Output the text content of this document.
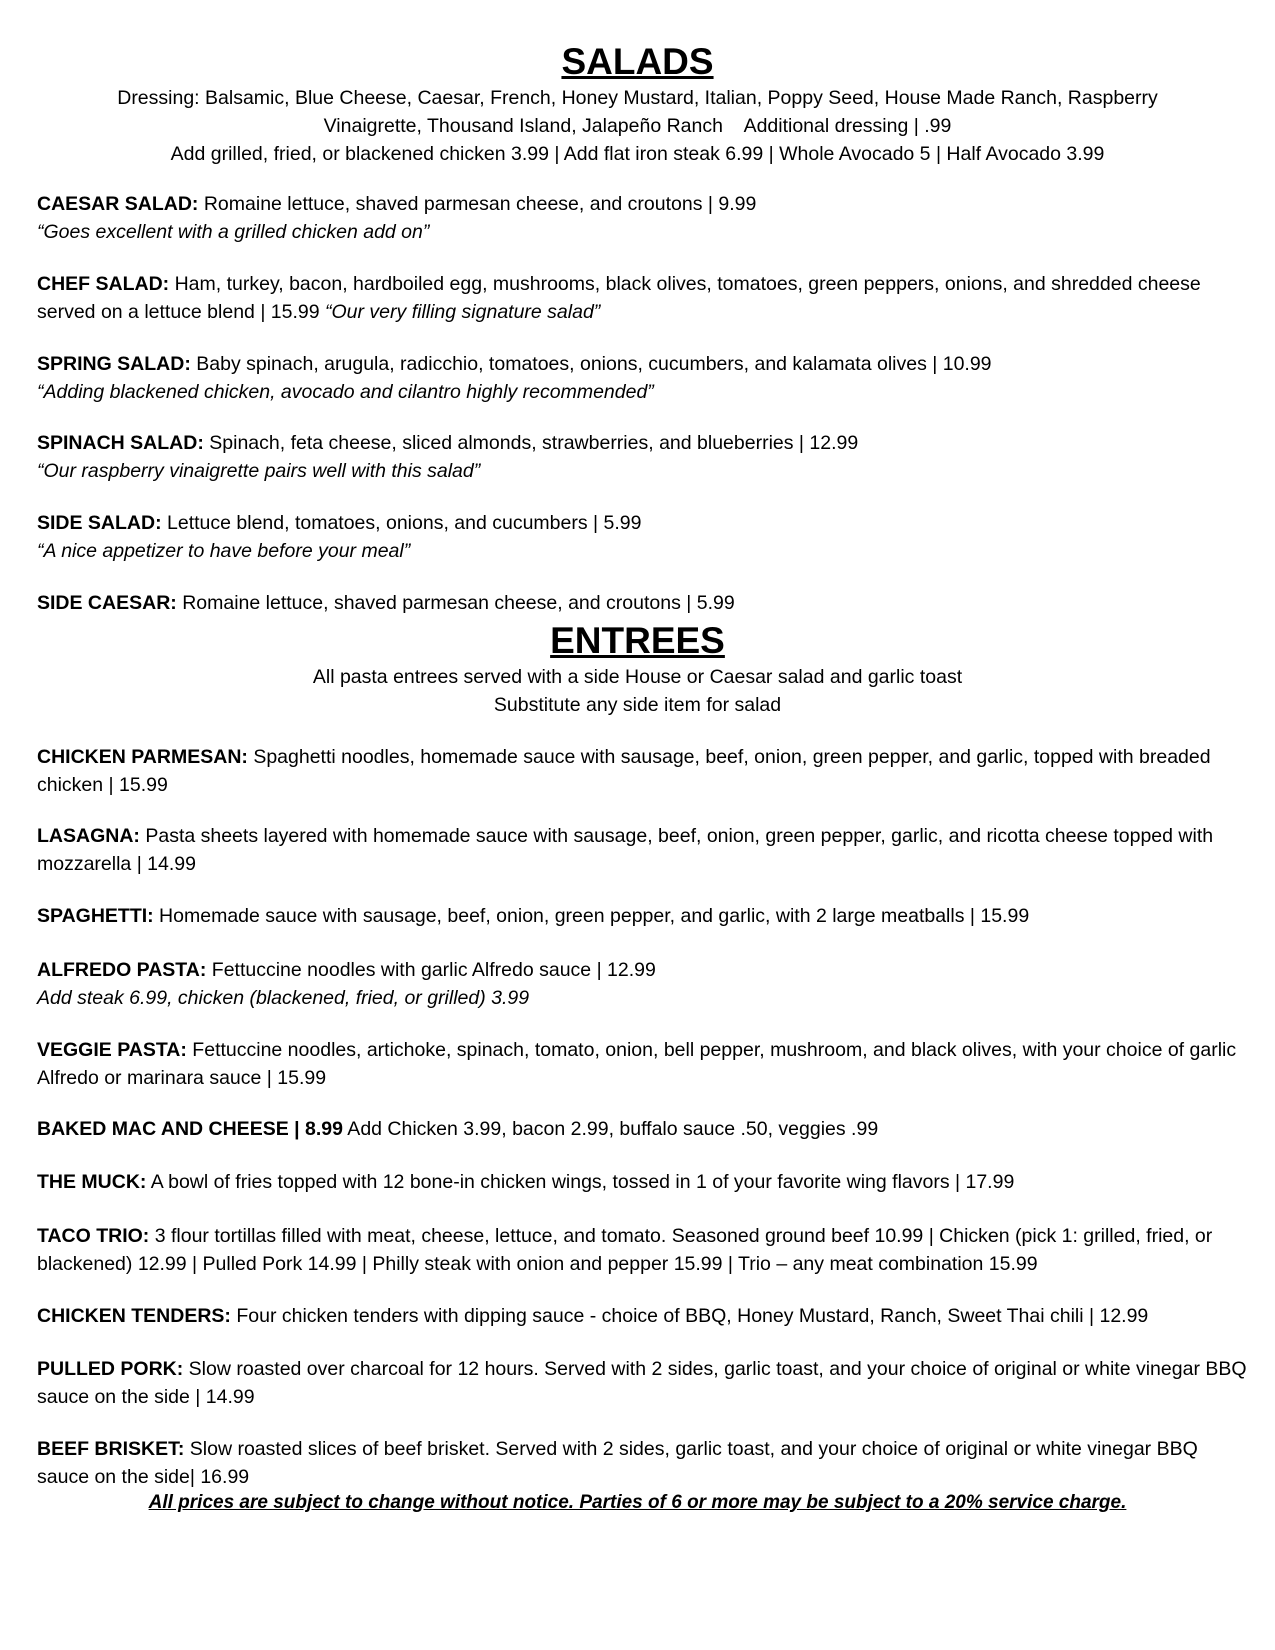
SALADS

Dressing: Balsamic, Blue Cheese, Caesar, French, Honey Mustard, Italian, Poppy Seed, House Made Ranch, Raspberry

Vinaigrette, Thousand Island, Jalapeño Ranch    Additional dressing | .99

Add grilled, fried, or blackened chicken 3.99 | Add flat iron steak 6.99 | Whole Avocado 5 | Half Avocado 3.99

CAESAR SALAD: Romaine lettuce, shaved parmesan cheese, and croutons | 9.99

“Goes excellent with a grilled chicken add on”

CHEF SALAD: Ham, turkey, bacon, hardboiled egg, mushrooms, black olives, tomatoes, green peppers, onions, and shredded cheese served on a lettuce blend | 15.99 “Our very filling signature salad”

SPRING SALAD: Baby spinach, arugula, radicchio, tomatoes, onions, cucumbers, and kalamata olives | 10.99

“Adding blackened chicken, avocado and cilantro highly recommended”

SPINACH SALAD: Spinach, feta cheese, sliced almonds, strawberries, and blueberries | 12.99

“Our raspberry vinaigrette pairs well with this salad”

SIDE SALAD: Lettuce blend, tomatoes, onions, and cucumbers | 5.99

“A nice appetizer to have before your meal”

SIDE CAESAR: Romaine lettuce, shaved parmesan cheese, and croutons | 5.99

ENTREES

All pasta entrees served with a side House or Caesar salad and garlic toast

Substitute any side item for salad

CHICKEN PARMESAN: Spaghetti noodles, homemade sauce with sausage, beef, onion, green pepper, and garlic, topped with breaded chicken | 15.99

LASAGNA: Pasta sheets layered with homemade sauce with sausage, beef, onion, green pepper, garlic, and ricotta cheese topped with mozzarella | 14.99

SPAGHETTI: Homemade sauce with sausage, beef, onion, green pepper, and garlic, with 2 large meatballs | 15.99

ALFREDO PASTA: Fettuccine noodles with garlic Alfredo sauce | 12.99

Add steak 6.99, chicken (blackened, fried, or grilled) 3.99

VEGGIE PASTA: Fettuccine noodles, artichoke, spinach, tomato, onion, bell pepper, mushroom, and black olives, with your choice of garlic Alfredo or marinara sauce | 15.99

BAKED MAC AND CHEESE | 8.99 Add Chicken 3.99, bacon 2.99, buffalo sauce .50, veggies .99

THE MUCK: A bowl of fries topped with 12 bone-in chicken wings, tossed in 1 of your favorite wing flavors | 17.99

TACO TRIO: 3 flour tortillas filled with meat, cheese, lettuce, and tomato. Seasoned ground beef 10.99 | Chicken (pick 1: grilled, fried, or blackened) 12.99 | Pulled Pork 14.99 | Philly steak with onion and pepper 15.99 | Trio – any meat combination 15.99

CHICKEN TENDERS: Four chicken tenders with dipping sauce - choice of BBQ, Honey Mustard, Ranch, Sweet Thai chili | 12.99

PULLED PORK: Slow roasted over charcoal for 12 hours. Served with 2 sides, garlic toast, and your choice of original or white vinegar BBQ sauce on the side | 14.99

BEEF BRISKET: Slow roasted slices of beef brisket. Served with 2 sides, garlic toast, and your choice of original or white vinegar BBQ sauce on the side| 16.99

All prices are subject to change without notice. Parties of 6 or more may be subject to a 20% service charge.
